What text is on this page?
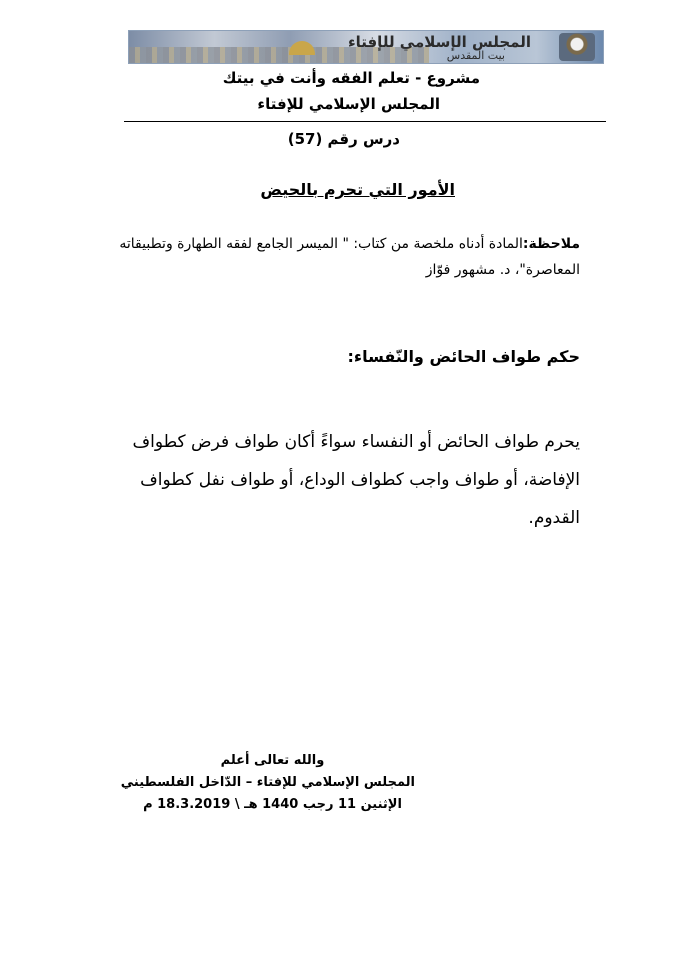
المجلس الإسلامي للإفتاء
بيت المقدس
مشروع - تعلم الفقه وأنت في بيتك
المجلس الإسلامي للإفتاء
درس رقم (57)
الأمور التي تحرم بالحيض
ملاحظة:المادة أدناه ملخصة من كتاب: " الميسر الجامع لفقه الطهارة وتطبيقاته
المعاصرة"، د. مشهور فوّاز
حكم طواف الحائض والنّفساء:
يحرم طواف الحائض أو النفساء سواءً أكان طواف فرض كطواف
الإفاضة، أو طواف واجب كطواف الوداع، أو طواف نفل كطواف
القدوم.
والله تعالى أعلم
المجلس الإسلامي للإفتاء – الدّاخل الفلسطيني
الإثنين 11 رجب 1440 هـ \ 18.3.2019 م
